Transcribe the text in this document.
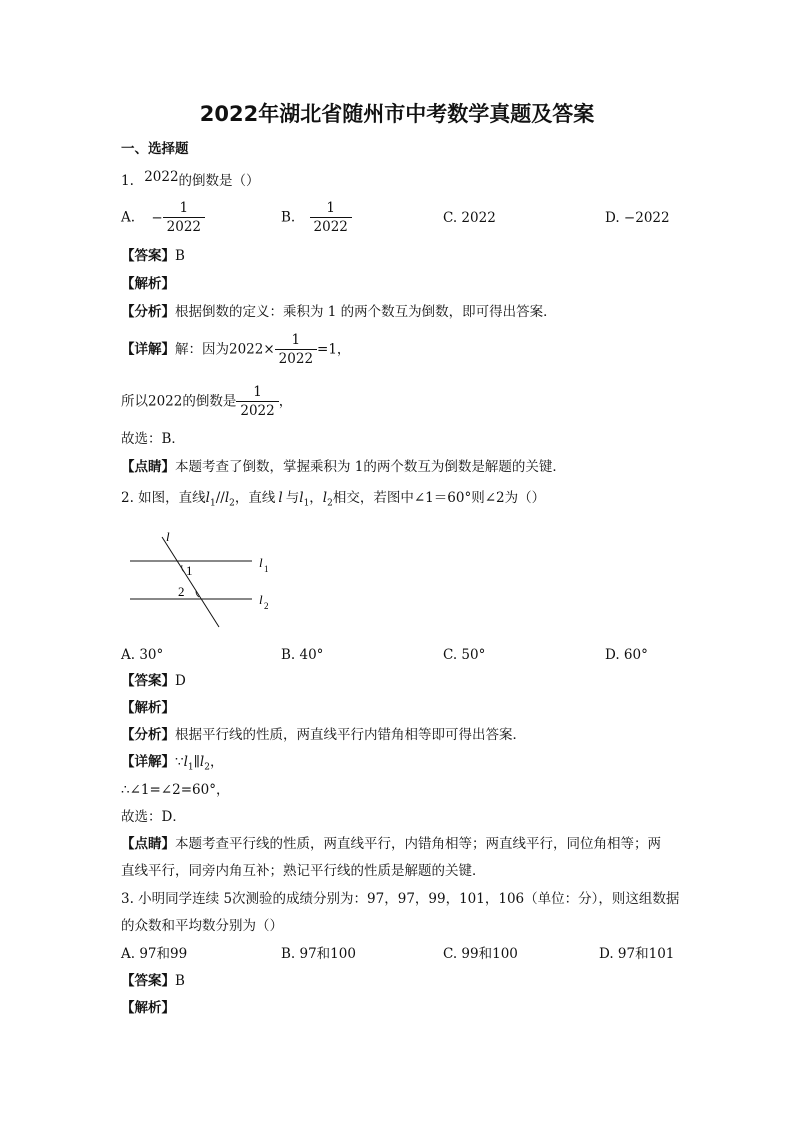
2022年湖北省随州市中考数学真题及答案
一、选择题
1. 2022的倒数是（）
A. − $\frac{1}{2022}$	B. $\frac{1}{2022}$	C. 2022	D. −2022
【答案】B
【解析】
【分析】根据倒数的定义：乘积为 1 的两个数互为倒数，即可得出答案．
【详解】解：因为$2022\times \frac{1}{2022} =1$，
所以2022的倒数是 $\frac{1}{2022}$ ，
故选：B．
【点睛】本题考查了倒数，掌握乘积为 1的两个数互为倒数是解题的关键．
2. 如图，直线$l_1//l_2$，直线 l 与$l_1$，$l_2$相交，若图中∠1＝60°则∠2为（）
l
1
2
l 1
l 2
A. 30°	B. 40°	C. 50°	D. 60°
【答案】D
【解析】
【分析】根据平行线的性质，两直线平行内错角相等即可得出答案．
【详解】$\because l_1\parallel l_2$，
∴∠1=∠2=60°，
故选：D．
【点睛】本题考查平行线的性质，两直线平行，内错角相等；两直线平行，同位角相等；两
直线平行，同旁内角互补；熟记平行线的性质是解题的关键．
3. 小明同学连续 5次测验的成绩分别为：97，97，99，101，106（单位：分），则这组数据
的众数和平均数分别为（）
A. 97和99	B. 97和100	C. 99和100	D. 97和101
【答案】B
【解析】
